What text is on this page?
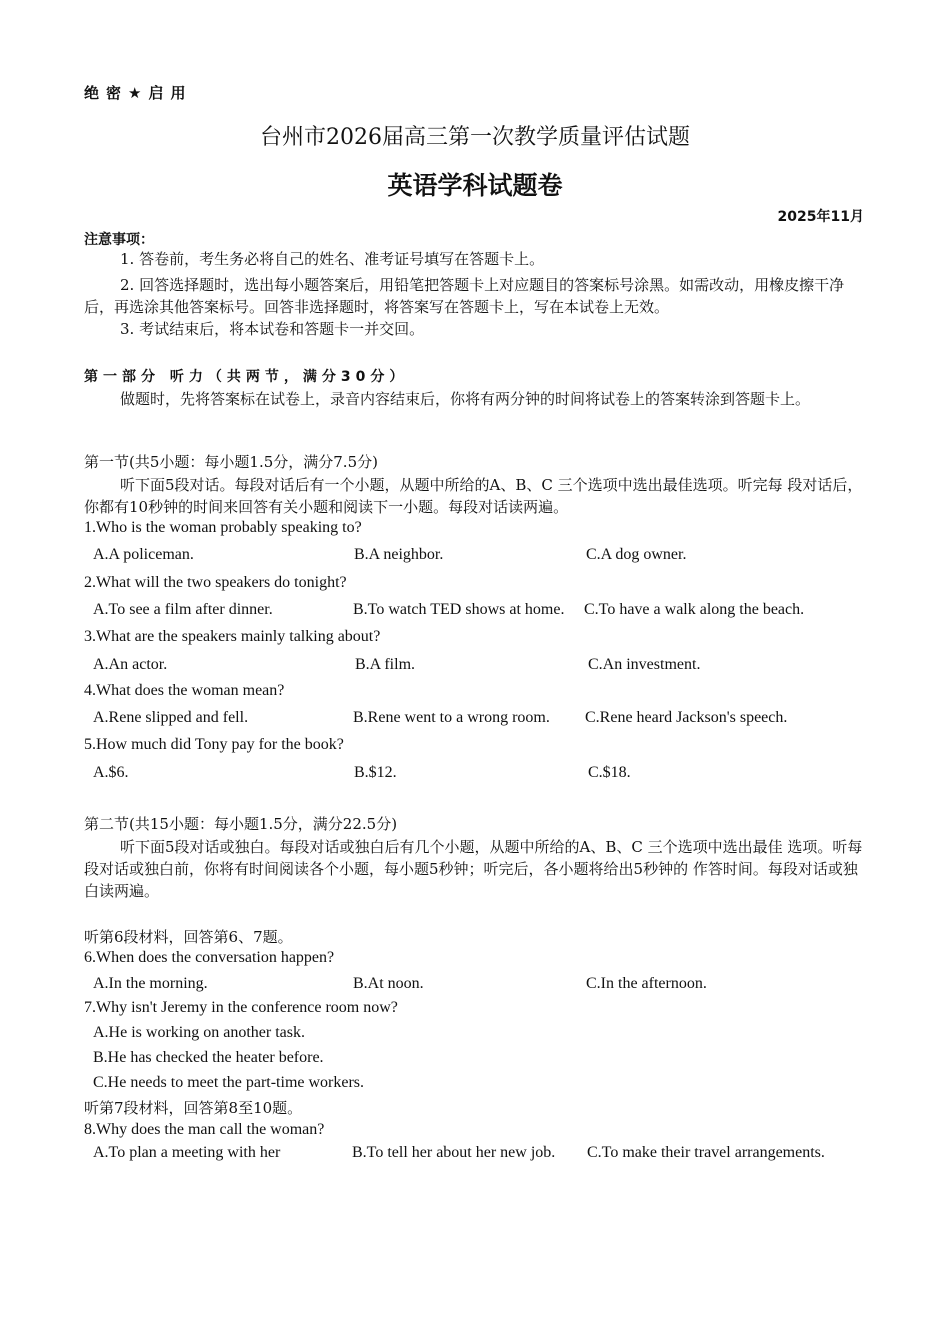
绝密★启用
台州市2026届高三第一次教学质量评估试题
英语学科试题卷
2025年11月
注意事项：
1. 答卷前，考生务必将自己的姓名、准考证号填写在答题卡上。
2. 回答选择题时，选出每小题答案后，用铅笔把答题卡上对应题目的答案标号涂黑。如需改动，用橡皮擦干净后，再选涂其他答案标号。回答非选择题时，将答案写在答题卡上，写在本试卷上无效。
3. 考试结束后，将本试卷和答题卡一并交回。
第一部分 听力（共两节，满分30分）
做题时，先将答案标在试卷上，录音内容结束后，你将有两分钟的时间将试卷上的答案转涂到答题卡上。
第一节(共5小题：每小题1.5分，满分7.5分)
听下面5段对话。每段对话后有一个小题，从题中所给的A、B、C 三个选项中选出最佳选项。听完每 段对话后，你都有10秒钟的时间来回答有关小题和阅读下一小题。每段对话读两遍。
1.Who is the woman probably speaking to?
A.A policeman.	B.A neighbor.	C.A dog owner.
2.What will the two speakers do tonight?
A.To see a film after dinner.	B.To watch TED shows at home. C.To have a walk along the beach.
3.What are the speakers mainly talking about?
A.An actor.	B.A film.	C.An investment.
4.What does the woman mean?
A.Rene slipped and fell.	B.Rene went to a wrong room. C.Rene heard Jackson's speech.
5.How much did Tony pay for the book?
A.$6.	B.$12.	C.$18.
第二节(共15小题：每小题1.5分，满分22.5分)
听下面5段对话或独白。每段对话或独白后有几个小题，从题中所给的A、B、C 三个选项中选出最佳 选项。听每段对话或独白前，你将有时间阅读各个小题，每小题5秒钟；听完后，各小题将给出5秒钟的 作答时间。每段对话或独白读两遍。
听第6段材料，回答第6、7题。
6.When does the conversation happen?
A.In the morning.	B.At noon.	C.In the afternoon.
7.Why isn't Jeremy in the conference room now?
A.He is working on another task.
B.He has checked the heater before.
C.He needs to meet the part-time workers.
听第7段材料，回答第8至10题。
8.Why does the man call the woman?
A.To plan a meeting with her	B.To tell her about her new job. C.To make their travel arrangements.
